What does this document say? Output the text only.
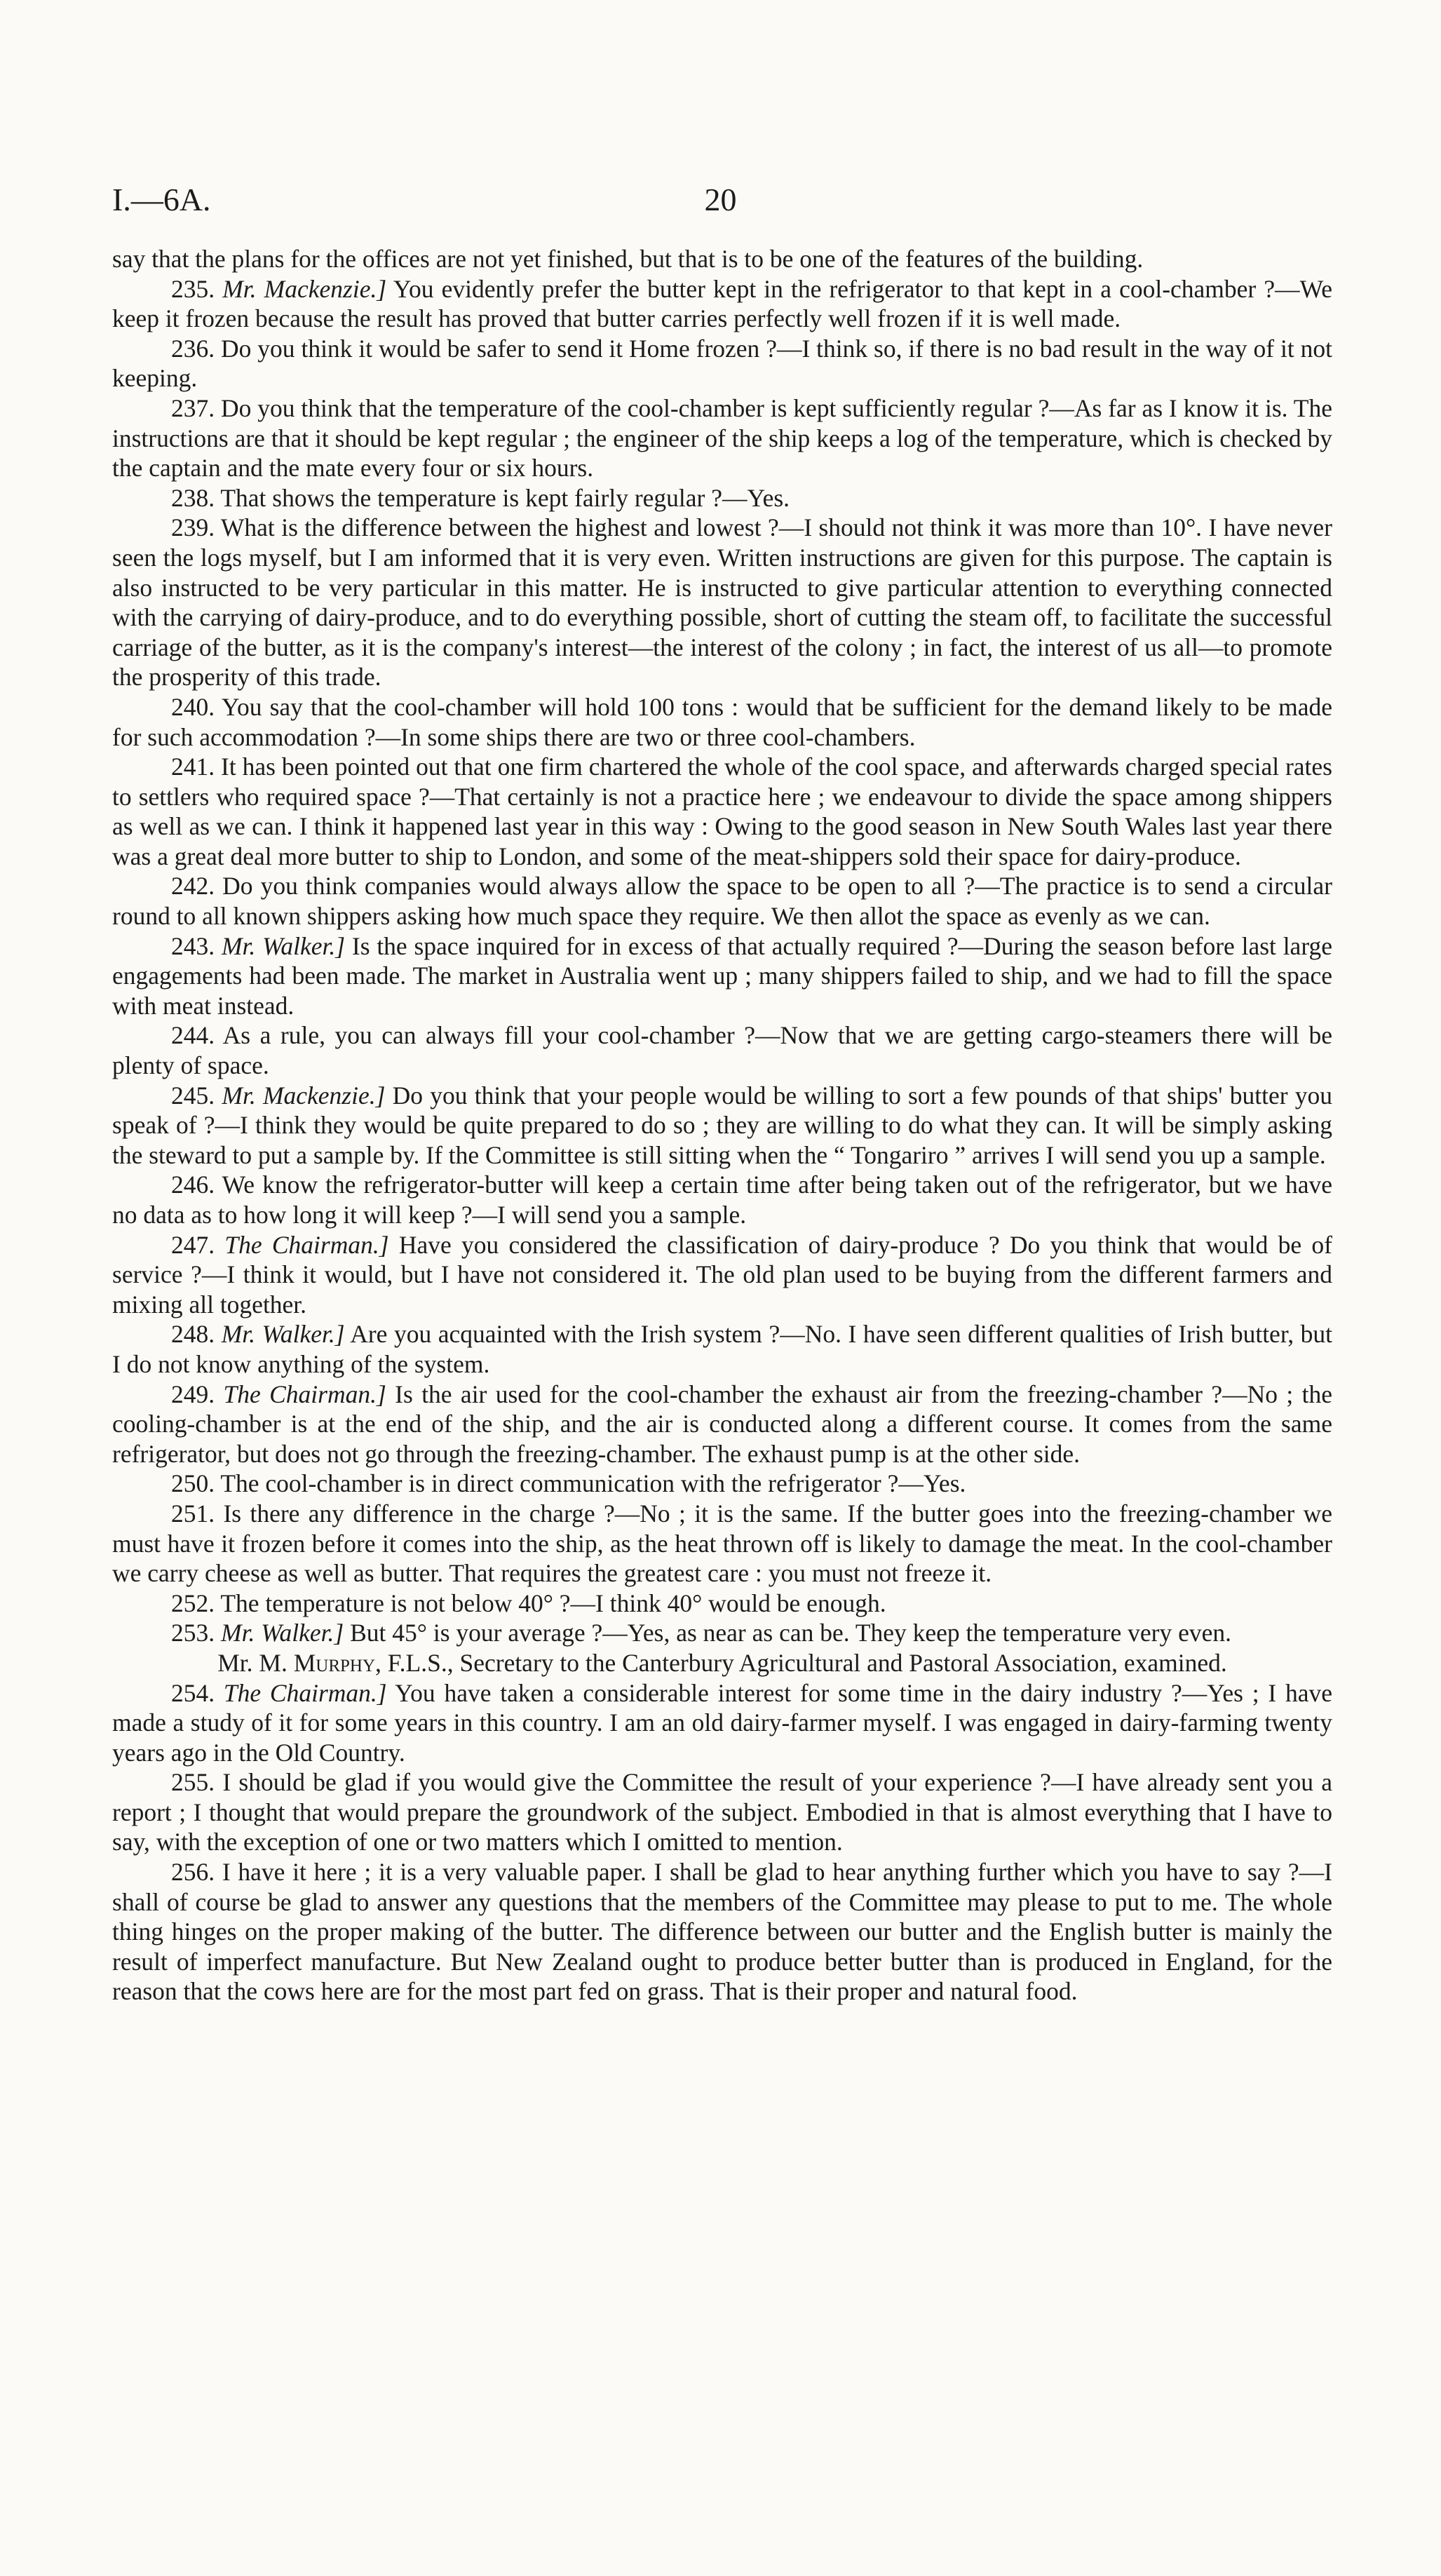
I.—6A.	20

say that the plans for the offices are not yet finished, but that is to be one of the features of the building.

235. Mr. Mackenzie.] You evidently prefer the butter kept in the refrigerator to that kept in a cool-chamber ?—We keep it frozen because the result has proved that butter carries perfectly well frozen if it is well made.

236. Do you think it would be safer to send it Home frozen ?—I think so, if there is no bad result in the way of it not keeping.

237. Do you think that the temperature of the cool-chamber is kept sufficiently regular ?—As far as I know it is. The instructions are that it should be kept regular ; the engineer of the ship keeps a log of the temperature, which is checked by the captain and the mate every four or six hours.

238. That shows the temperature is kept fairly regular ?—Yes.

239. What is the difference between the highest and lowest ?—I should not think it was more than 10°. I have never seen the logs myself, but I am informed that it is very even. Written instructions are given for this purpose. The captain is also instructed to be very particular in this matter. He is instructed to give particular attention to everything connected with the carrying of dairy-produce, and to do everything possible, short of cutting the steam off, to facilitate the successful carriage of the butter, as it is the company's interest—the interest of the colony ; in fact, the interest of us all—to promote the prosperity of this trade.

240. You say that the cool-chamber will hold 100 tons : would that be sufficient for the demand likely to be made for such accommodation ?—In some ships there are two or three cool-chambers.

241. It has been pointed out that one firm chartered the whole of the cool space, and afterwards charged special rates to settlers who required space ?—That certainly is not a practice here ; we endeavour to divide the space among shippers as well as we can. I think it happened last year in this way : Owing to the good season in New South Wales last year there was a great deal more butter to ship to London, and some of the meat-shippers sold their space for dairy-produce.

242. Do you think companies would always allow the space to be open to all ?—The practice is to send a circular round to all known shippers asking how much space they require. We then allot the space as evenly as we can.

243. Mr. Walker.] Is the space inquired for in excess of that actually required ?—During the season before last large engagements had been made. The market in Australia went up ; many shippers failed to ship, and we had to fill the space with meat instead.

244. As a rule, you can always fill your cool-chamber ?—Now that we are getting cargo-steamers there will be plenty of space.

245. Mr. Mackenzie.] Do you think that your people would be willing to sort a few pounds of that ships' butter you speak of ?—I think they would be quite prepared to do so ; they are willing to do what they can. It will be simply asking the steward to put a sample by. If the Committee is still sitting when the “ Tongariro ” arrives I will send you up a sample.

246. We know the refrigerator-butter will keep a certain time after being taken out of the refrigerator, but we have no data as to how long it will keep ?—I will send you a sample.

247. The Chairman.] Have you considered the classification of dairy-produce ? Do you think that would be of service ?—I think it would, but I have not considered it. The old plan used to be buying from the different farmers and mixing all together.

248. Mr. Walker.] Are you acquainted with the Irish system ?—No. I have seen different qualities of Irish butter, but I do not know anything of the system.

249. The Chairman.] Is the air used for the cool-chamber the exhaust air from the freezing-chamber ?—No ; the cooling-chamber is at the end of the ship, and the air is conducted along a different course. It comes from the same refrigerator, but does not go through the freezing-chamber. The exhaust pump is at the other side.

250. The cool-chamber is in direct communication with the refrigerator ?—Yes.

251. Is there any difference in the charge ?—No ; it is the same. If the butter goes into the freezing-chamber we must have it frozen before it comes into the ship, as the heat thrown off is likely to damage the meat. In the cool-chamber we carry cheese as well as butter. That requires the greatest care : you must not freeze it.

252. The temperature is not below 40° ?—I think 40° would be enough.

253. Mr. Walker.] But 45° is your average ?—Yes, as near as can be. They keep the temperature very even.

Mr. M. Murphy, F.L.S., Secretary to the Canterbury Agricultural and Pastoral Association, examined.

254. The Chairman.] You have taken a considerable interest for some time in the dairy industry ?—Yes ; I have made a study of it for some years in this country. I am an old dairy-farmer myself. I was engaged in dairy-farming twenty years ago in the Old Country.

255. I should be glad if you would give the Committee the result of your experience ?—I have already sent you a report ; I thought that would prepare the groundwork of the subject. Embodied in that is almost everything that I have to say, with the exception of one or two matters which I omitted to mention.

256. I have it here ; it is a very valuable paper. I shall be glad to hear anything further which you have to say ?—I shall of course be glad to answer any questions that the members of the Committee may please to put to me. The whole thing hinges on the proper making of the butter. The difference between our butter and the English butter is mainly the result of imperfect manufacture. But New Zealand ought to produce better butter than is produced in England, for the reason that the cows here are for the most part fed on grass. That is their proper and natural food.
